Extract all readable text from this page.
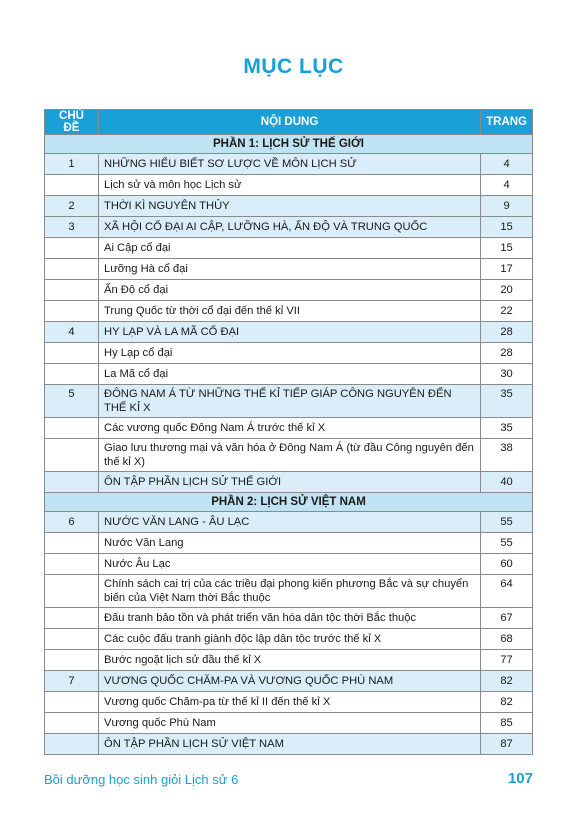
MỤC LỤC
CHỦ ĐỀ	NỘI DUNG	TRANG
PHẦN 1: LỊCH SỬ THẾ GIỚI		
1	NHỮNG HIỂU BIẾT SƠ LƯỢC VỀ MÔN LỊCH SỬ	4
	Lịch sử và môn học Lịch sử	4
2	THỜI KÌ NGUYÊN THỦY	9
3	XÃ HỘI CỔ ĐẠI AI CẬP, LƯỠNG HÀ, ẤN ĐỘ VÀ TRUNG QUỐC	15
	Ai Cập cổ đại	15
	Lưỡng Hà cổ đại	17
	Ấn Độ cổ đại	20
	Trung Quốc từ thời cổ đại đến thế kỉ VII	22
4	HY LẠP VÀ LA MÃ CỔ ĐẠI	28
	Hy Lạp cổ đại	28
	La Mã cổ đại	30
5	ĐÔNG NAM Á TỪ NHỮNG THẾ KỈ TIẾP GIÁP CÔNG NGUYÊN ĐẾN THẾ KỈ X	35
	Các vương quốc Đông Nam Á trước thế kỉ X	35
	Giao lưu thương mại và văn hóa ở Đông Nam Á (từ đầu Công nguyên đến thế kỉ X)	38
	ÔN TẬP PHẦN LỊCH SỬ THẾ GIỚI	40
PHẦN 2: LỊCH SỬ VIỆT NAM		
6	NƯỚC VĂN LANG - ÂU LẠC	55
	Nước Văn Lang	55
	Nước Âu Lạc	60
	Chính sách cai trị của các triều đại phong kiến phương Bắc và sự chuyển biến của Việt Nam thời Bắc thuộc	64
	Đấu tranh bảo tồn và phát triển văn hóa dân tộc thời Bắc thuộc	67
	Các cuộc đấu tranh giành độc lập dân tộc trước thế kỉ X	68
	Bước ngoặt lịch sử đầu thế kỉ X	77
7	VƯƠNG QUỐC CHĂM-PA VÀ VƯƠNG QUỐC PHÙ NAM	82
	Vương quốc Chăm-pa từ thế kỉ II đến thế kỉ X	82
	Vương quốc Phù Nam	85
	ÔN TẬP PHẦN LỊCH SỬ VIỆT NAM	87
Bồi dưỡng học sinh giỏi Lịch sử 6	107
